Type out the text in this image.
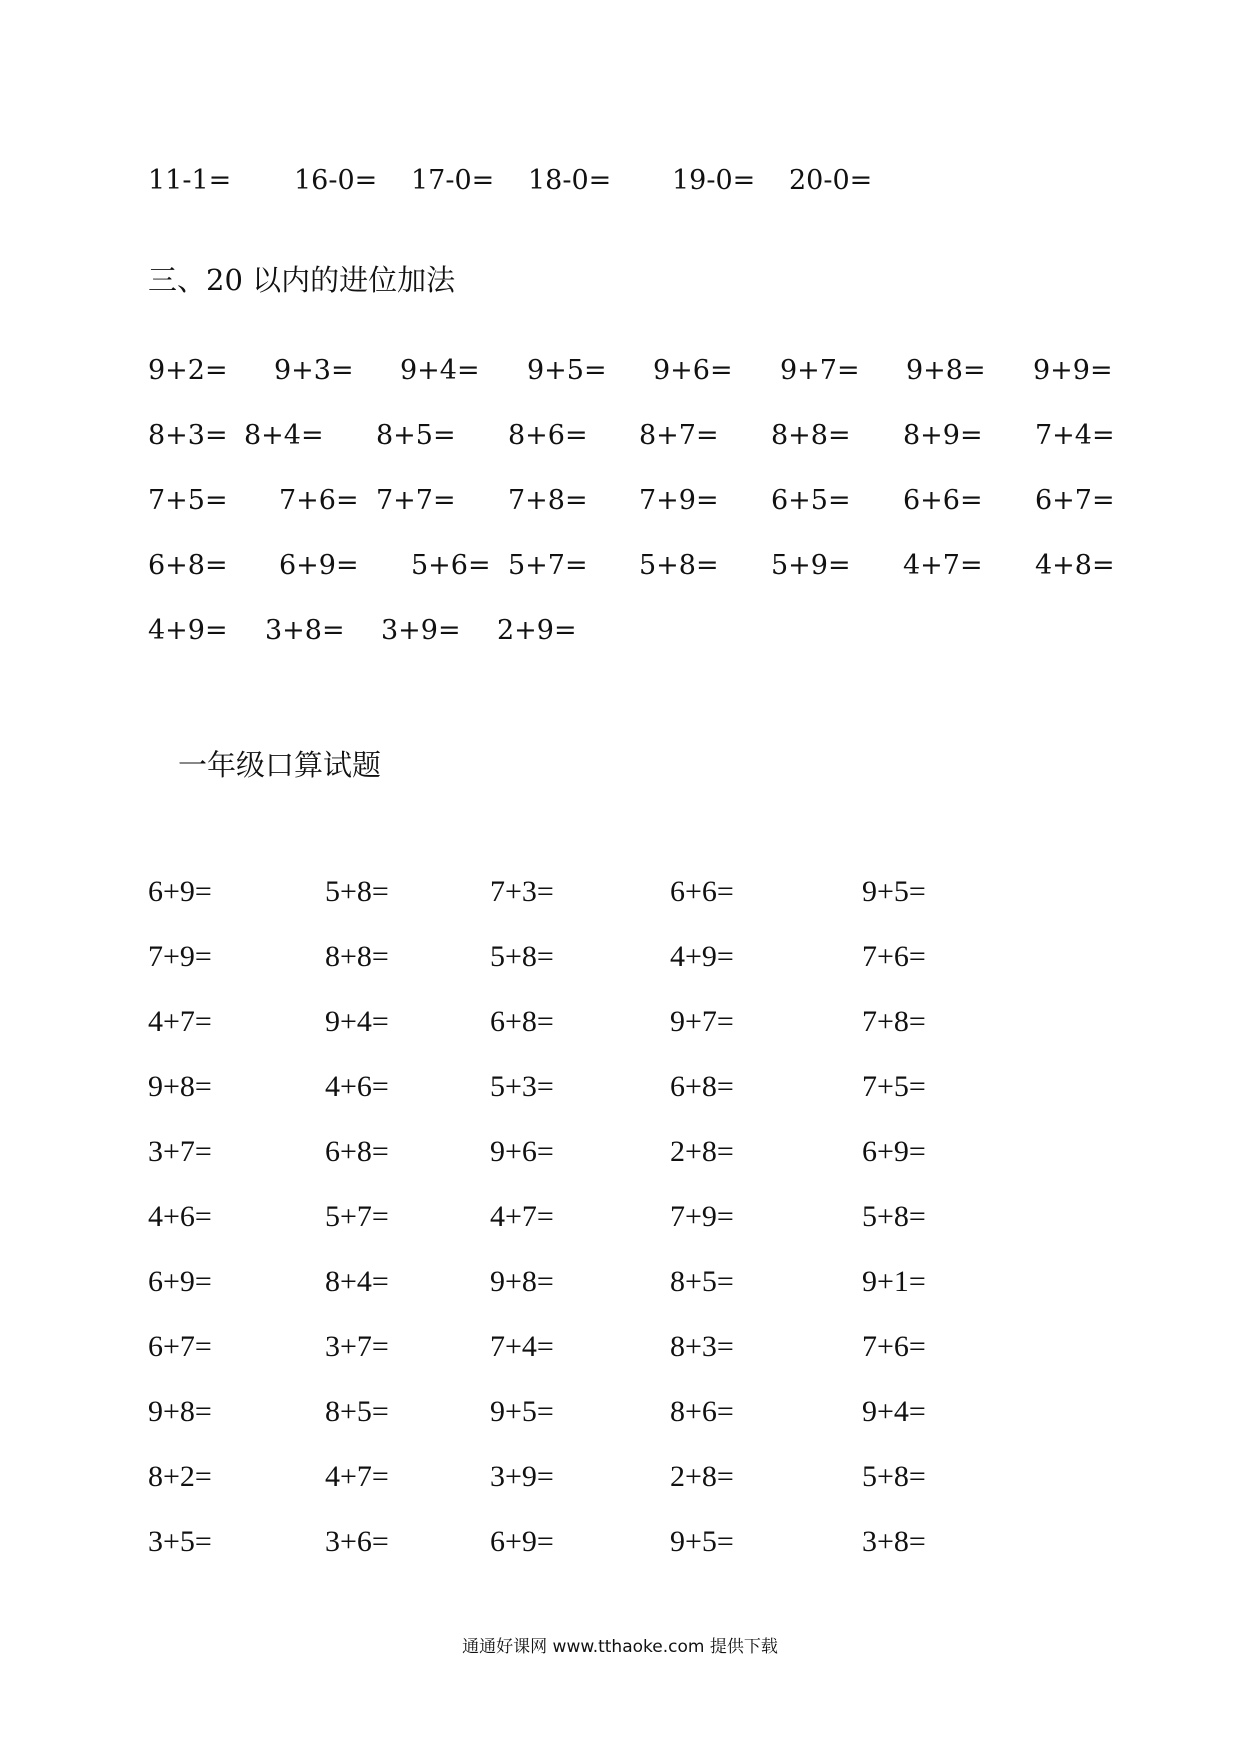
11-1= 16-0= 17-0= 18-0= 19-0= 20-0=
三、20 以内的进位加法
9+2= 9+3= 9+4= 9+5= 9+6= 9+7= 9+8= 9+9=
8+3= 8+4= 8+5= 8+6= 8+7= 8+8= 8+9= 7+4=
7+5= 7+6= 7+7= 7+8= 7+9= 6+5= 6+6= 6+7=
6+8= 6+9= 5+6= 5+7= 5+8= 5+9= 4+7= 4+8=
4+9= 3+8= 3+9= 2+9=
一年级口算试题
6+9=	5+8=	7+3=	6+6=	9+5=
7+9=	8+8=	5+8=	4+9=	7+6=
4+7=	9+4=	6+8=	9+7=	7+8=
9+8=	4+6=	5+3=	6+8=	7+5=
3+7=	6+8=	9+6=	2+8=	6+9=
4+6=	5+7=	4+7=	7+9=	5+8=
6+9=	8+4=	9+8=	8+5=	9+1=
6+7=	3+7=	7+4=	8+3=	7+6=
9+8=	8+5=	9+5=	8+6=	9+4=
8+2=	4+7=	3+9=	2+8=	5+8=
3+5=	3+6=	6+9=	9+5=	3+8=
通通好课网 www.tthaoke.com 提供下载
